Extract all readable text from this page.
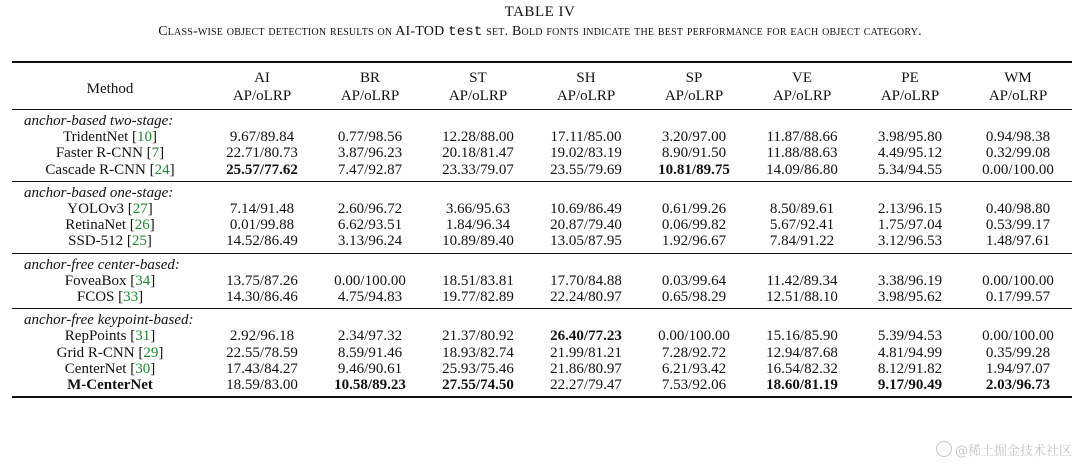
TABLE IV
Class-wise object detection results on AI-TOD test set. Bold fonts indicate the best performance for each object category.
Method	AI	BR	ST	SH	SP	VE	PE	WM
	AP/oLRP	AP/oLRP	AP/oLRP	AP/oLRP	AP/oLRP	AP/oLRP	AP/oLRP	AP/oLRP
anchor-based two-stage:								
TridentNet [10]	9.67/89.84	0.77/98.56	12.28/88.00	17.11/85.00	3.20/97.00	11.87/88.66	3.98/95.80	0.94/98.38
Faster R-CNN [7]	22.71/80.73	3.87/96.23	20.18/81.47	19.02/83.19	8.90/91.50	11.88/88.63	4.49/95.12	0.32/99.08
Cascade R-CNN [24]	25.57/77.62	7.47/92.87	23.33/79.07	23.55/79.69	10.81/89.75	14.09/86.80	5.34/94.55	0.00/100.00
anchor-based one-stage:								
YOLOv3 [27]	7.14/91.48	2.60/96.72	3.66/95.63	10.69/86.49	0.61/99.26	8.50/89.61	2.13/96.15	0.40/98.80
RetinaNet [26]	0.01/99.88	6.62/93.51	1.84/96.34	20.87/79.40	0.06/99.82	5.67/92.41	1.75/97.04	0.53/99.17
SSD-512 [25]	14.52/86.49	3.13/96.24	10.89/89.40	13.05/87.95	1.92/96.67	7.84/91.22	3.12/96.53	1.48/97.61
anchor-free center-based:								
FoveaBox [34]	13.75/87.26	0.00/100.00	18.51/83.81	17.70/84.88	0.03/99.64	11.42/89.34	3.38/96.19	0.00/100.00
FCOS [33]	14.30/86.46	4.75/94.83	19.77/82.89	22.24/80.97	0.65/98.29	12.51/88.10	3.98/95.62	0.17/99.57
anchor-free keypoint-based:								
RepPoints [31]	2.92/96.18	2.34/97.32	21.37/80.92	26.40/77.23	0.00/100.00	15.16/85.90	5.39/94.53	0.00/100.00
Grid R-CNN [29]	22.55/78.59	8.59/91.46	18.93/82.74	21.99/81.21	7.28/92.72	12.94/87.68	4.81/94.99	0.35/99.28
CenterNet [30]	17.43/84.27	9.46/90.61	25.93/75.46	21.86/80.97	6.21/93.42	16.54/82.32	8.12/91.82	1.94/97.07
M-CenterNet	18.59/83.00	10.58/89.23	27.55/74.50	22.27/79.47	7.53/92.06	18.60/81.19	9.17/90.49	2.03/96.73
@稀土掘金技术社区
